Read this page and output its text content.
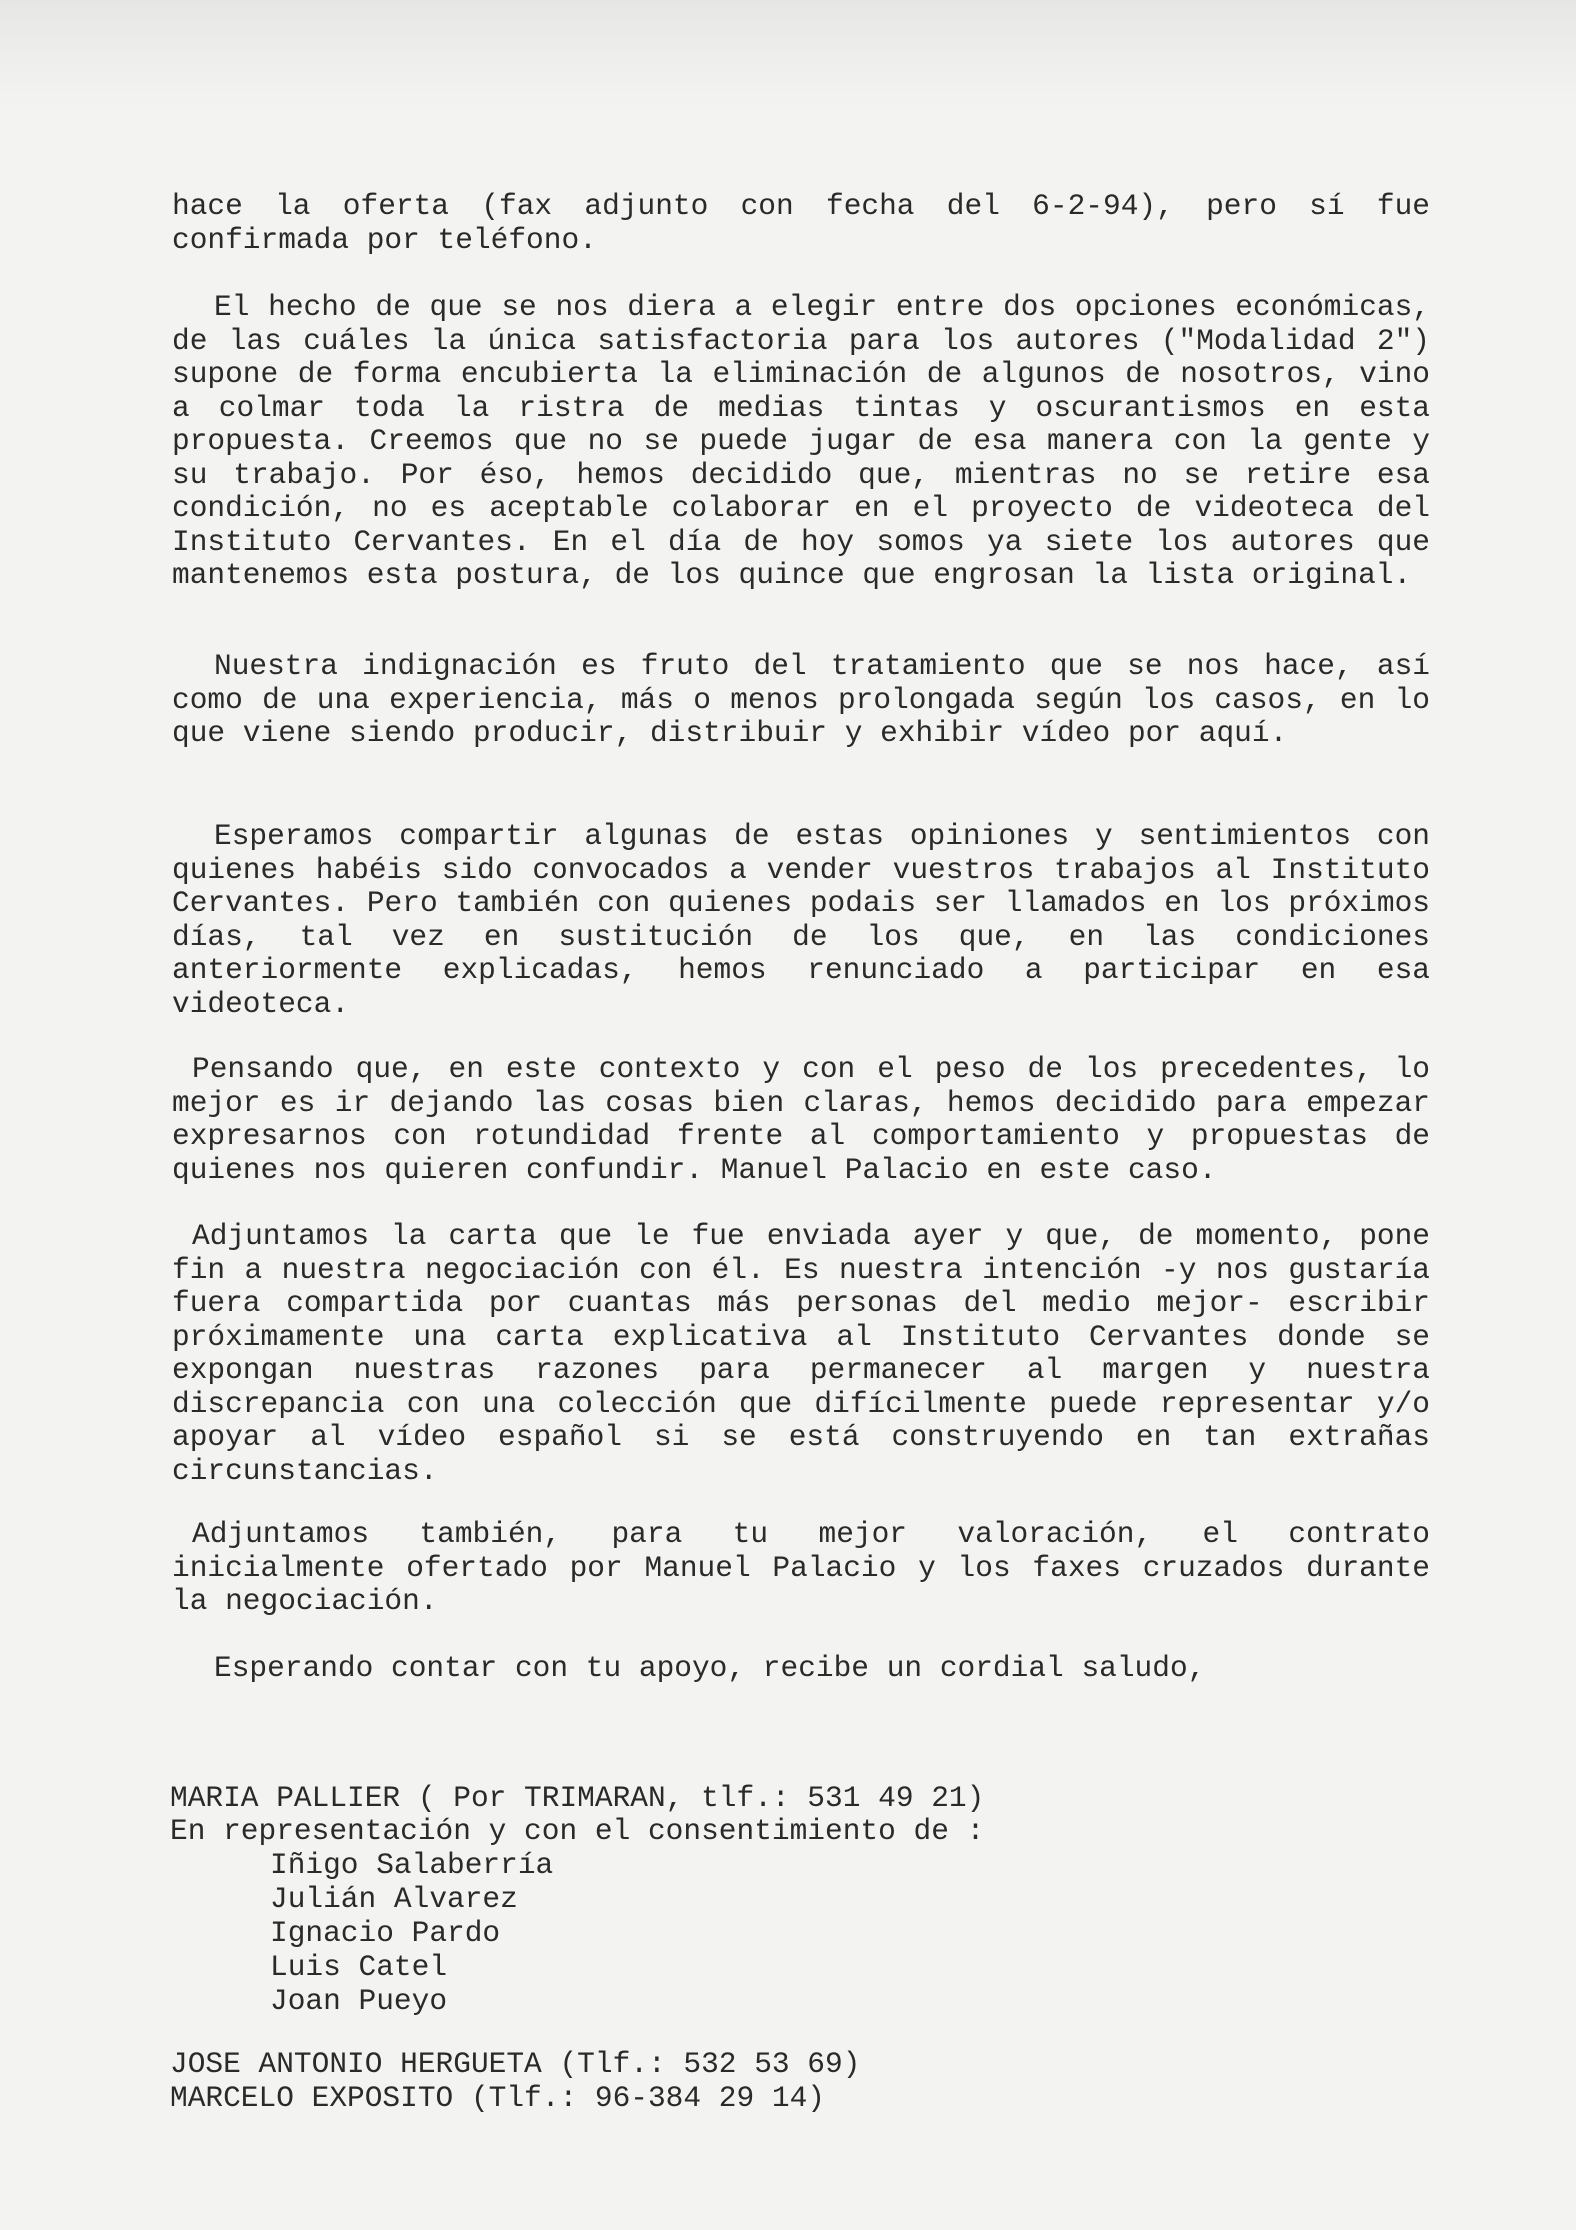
hace la oferta (fax adjunto con fecha del 6-2-94), pero sí fue confirmada por teléfono.

El hecho de que se nos diera a elegir entre dos opciones económicas, de las cuáles la única satisfactoria para los autores ("Modalidad 2") supone de forma encubierta la eliminación de algunos de nosotros, vino a colmar toda la ristra de medias tintas y oscurantismos en esta propuesta. Creemos que no se puede jugar de esa manera con la gente y su trabajo. Por éso, hemos decidido que, mientras no se retire esa condición, no es aceptable colaborar en el proyecto de videoteca del Instituto Cervantes. En el día de hoy somos ya siete los autores que mantenemos esta postura, de los quince que engrosan la lista original.

Nuestra indignación es fruto del tratamiento que se nos hace, así como de una experiencia, más o menos prolongada según los casos, en lo que viene siendo producir, distribuir y exhibir vídeo por aquí.

Esperamos compartir algunas de estas opiniones y sentimientos con quienes habéis sido convocados a vender vuestros trabajos al Instituto Cervantes. Pero también con quienes podais ser llamados en los próximos días, tal vez en sustitución de los que, en las condiciones anteriormente explicadas, hemos renunciado a participar en esa videoteca.

Pensando que, en este contexto y con el peso de los precedentes, lo mejor es ir dejando las cosas bien claras, hemos decidido para empezar expresarnos con rotundidad frente al comportamiento y propuestas de quienes nos quieren confundir. Manuel Palacio en este caso.

Adjuntamos la carta que le fue enviada ayer y que, de momento, pone fin a nuestra negociación con él. Es nuestra intención -y nos gustaría fuera compartida por cuantas más personas del medio mejor- escribir próximamente una carta explicativa al Instituto Cervantes donde se expongan nuestras razones para permanecer al margen y nuestra discrepancia con una colección que difícilmente puede representar y/o apoyar al vídeo español si se está construyendo en tan extrañas circunstancias.

Adjuntamos también, para tu mejor valoración, el contrato inicialmente ofertado por Manuel Palacio y los faxes cruzados durante la negociación.

Esperando contar con tu apoyo, recibe un cordial saludo,

MARIA PALLIER ( Por TRIMARAN, tlf.: 531 49 21)

En representación y con el consentimiento de :

Iñigo Salaberría

Julián Alvarez

Ignacio Pardo

Luis Catel

Joan Pueyo

JOSE ANTONIO HERGUETA (Tlf.: 532 53 69)

MARCELO EXPOSITO (Tlf.: 96-384 29 14)
